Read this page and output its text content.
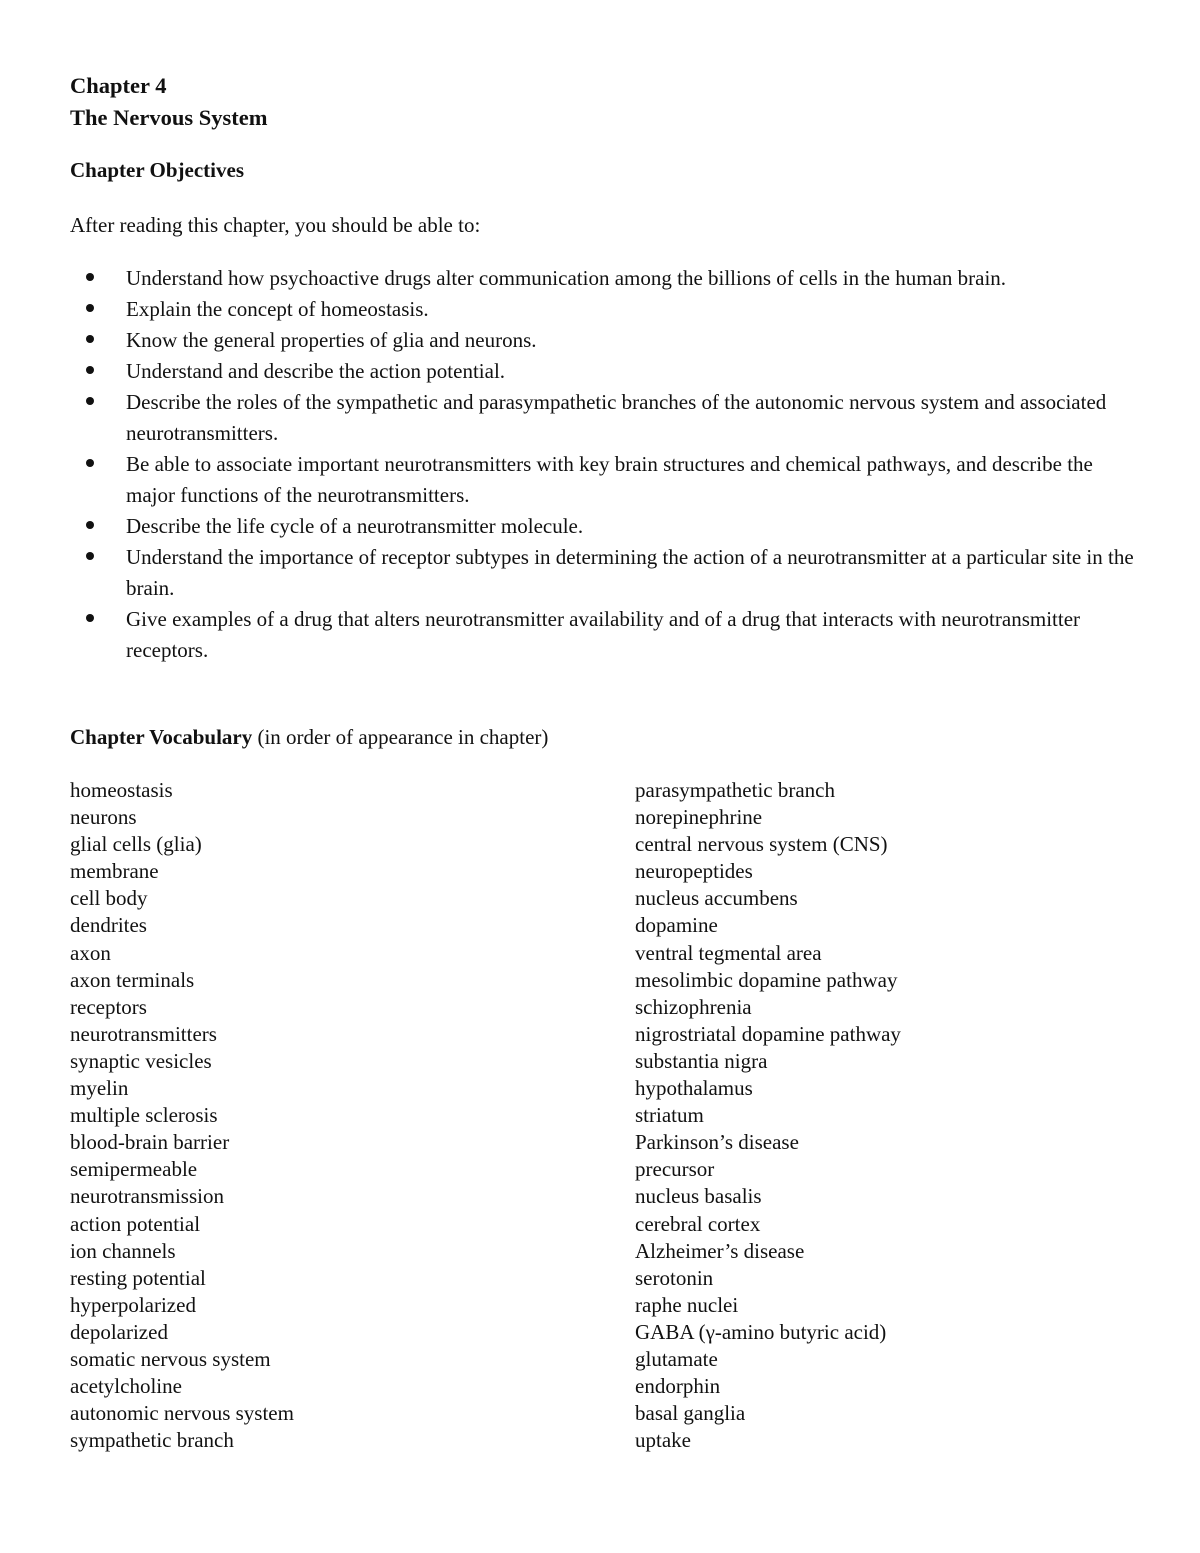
Chapter 4

The Nervous System

Chapter Objectives

After reading this chapter, you should be able to:

Understand how psychoactive drugs alter communication among the billions of cells in the human brain.
Explain the concept of homeostasis.
Know the general properties of glia and neurons.
Understand and describe the action potential.
Describe the roles of the sympathetic and parasympathetic branches of the autonomic nervous system and associated neurotransmitters.
Be able to associate important neurotransmitters with key brain structures and chemical pathways, and describe the major functions of the neurotransmitters.
Describe the life cycle of a neurotransmitter molecule.
Understand the importance of receptor subtypes in determining the action of a neurotransmitter at a particular site in the brain.
Give examples of a drug that alters neurotransmitter availability and of a drug that interacts with neurotransmitter receptors.

Chapter Vocabulary (in order of appearance in chapter)

homeostasis
neurons
glial cells (glia)
membrane
cell body
dendrites
axon
axon terminals
receptors
neurotransmitters
synaptic vesicles
myelin
multiple sclerosis
blood-brain barrier
semipermeable
neurotransmission
action potential
ion channels
resting potential
hyperpolarized
depolarized
somatic nervous system
acetylcholine
autonomic nervous system
sympathetic branch
parasympathetic branch
norepinephrine
central nervous system (CNS)
neuropeptides
nucleus accumbens
dopamine
ventral tegmental area
mesolimbic dopamine pathway
schizophrenia
nigrostriatal dopamine pathway
substantia nigra
hypothalamus
striatum
Parkinson’s disease
precursor
nucleus basalis
cerebral cortex
Alzheimer’s disease
serotonin
raphe nuclei
GABA (γ-amino butyric acid)
glutamate
endorphin
basal ganglia
uptake
